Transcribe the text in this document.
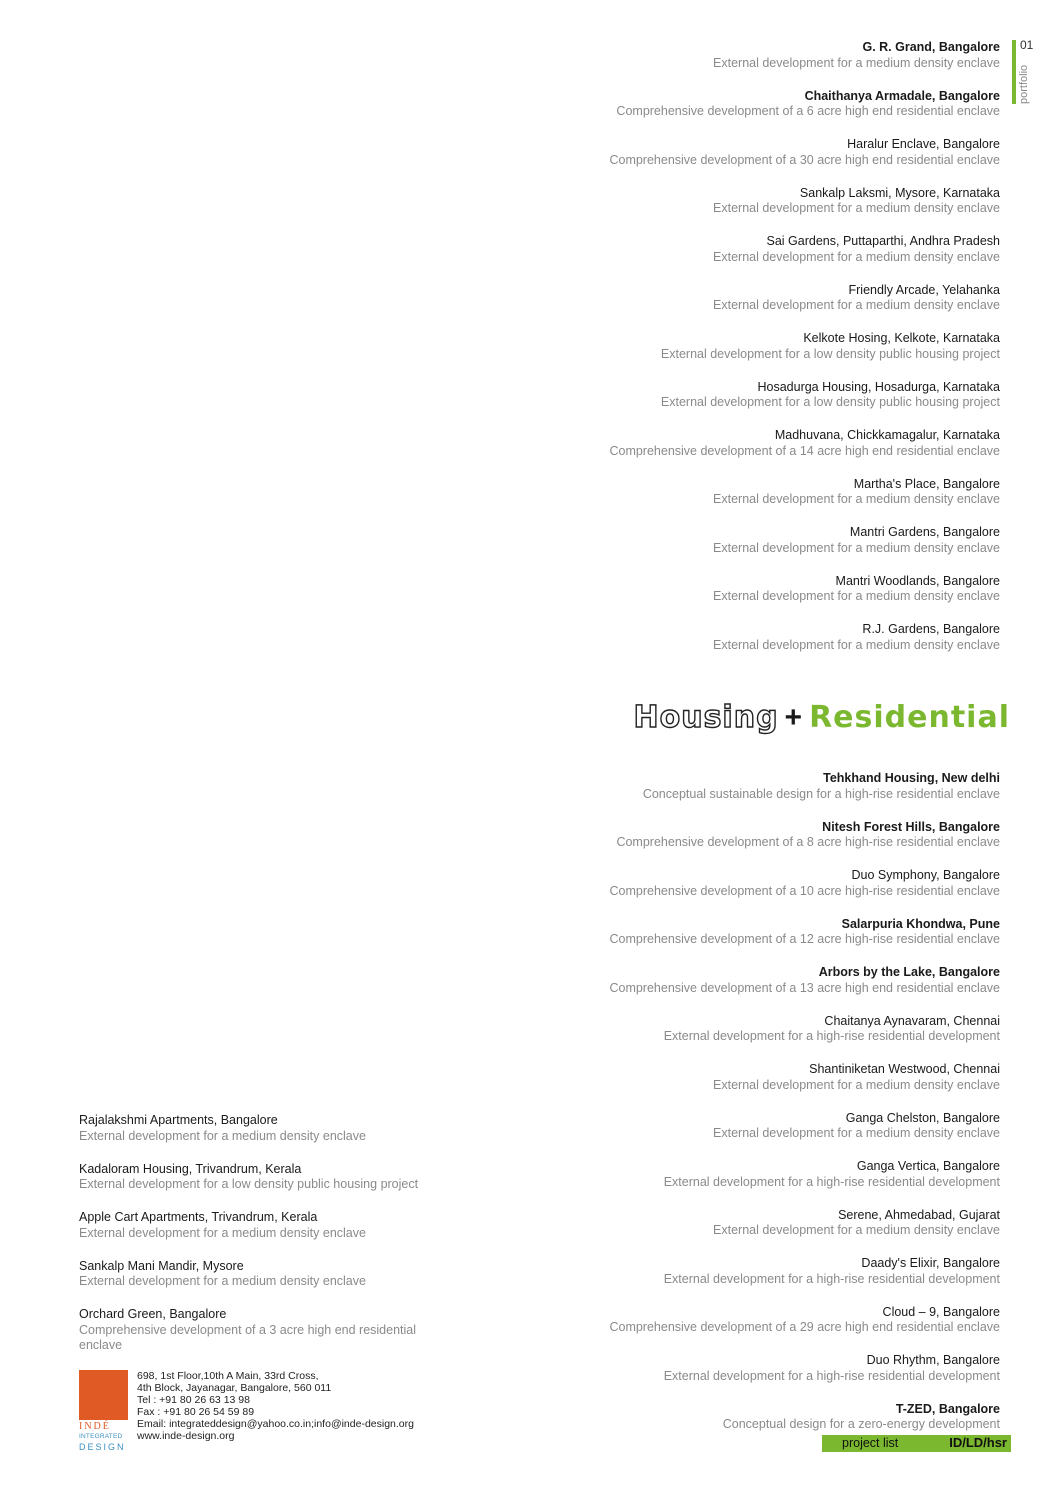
01
portfolio
G. R. Grand, Bangalore
External development for a medium density enclave
Chaithanya Armadale, Bangalore
Comprehensive development of a 6 acre high end residential enclave
Haralur Enclave, Bangalore
Comprehensive development of a 30 acre high end residential enclave
Sankalp Laksmi, Mysore, Karnataka
External development for a medium density enclave
Sai Gardens, Puttaparthi, Andhra Pradesh
External development for a medium density enclave
Friendly Arcade, Yelahanka
External development for a medium density enclave
Kelkote Hosing, Kelkote, Karnataka
External development for a low density public housing project
Hosadurga Housing, Hosadurga, Karnataka
External development for a low density public housing project
Madhuvana, Chickkamagalur, Karnataka
Comprehensive development of a 14 acre high end residential enclave
Martha's Place, Bangalore
External development for a medium density enclave
Mantri Gardens, Bangalore
External development for a medium density enclave
Mantri Woodlands, Bangalore
External development for a medium density enclave
R.J. Gardens, Bangalore
External development for a medium density enclave
Housing + Residential
Tehkhand Housing, New delhi
Conceptual sustainable design for a high-rise residential enclave
Nitesh Forest Hills, Bangalore
Comprehensive development of a 8 acre high-rise residential enclave
Duo Symphony, Bangalore
Comprehensive development of a 10 acre high-rise residential enclave
Salarpuria Khondwa, Pune
Comprehensive development of a 12 acre high-rise residential enclave
Arbors by the Lake, Bangalore
Comprehensive development of a 13 acre high end residential enclave
Chaitanya Aynavaram, Chennai
External development for a high-rise residential development
Shantiniketan Westwood, Chennai
External development for a medium density enclave
Ganga Chelston, Bangalore
External development for a medium density enclave
Ganga Vertica, Bangalore
External development for a high-rise residential development
Serene, Ahmedabad, Gujarat
External development for a medium density enclave
Daady's Elixir, Bangalore
External development for a high-rise residential development
Cloud – 9, Bangalore
Comprehensive development of a 29 acre high end residential enclave
Duo Rhythm, Bangalore
External development for a high-rise residential development
T-ZED, Bangalore
Conceptual design for a zero-energy development
Rajalakshmi Apartments, Bangalore
External development for a medium density enclave
Kadaloram Housing, Trivandrum, Kerala
External development for a low density public housing project
Apple Cart Apartments, Trivandrum, Kerala
External development for a medium density enclave
Sankalp Mani Mandir, Mysore
External development for a medium density enclave
Orchard Green, Bangalore
Comprehensive development of a 3 acre high end residential enclave
INDÉ
INTEGRATED
DESIGN
698, 1st Floor,10th A Main, 33rd Cross,
4th Block, Jayanagar, Bangalore, 560 011
Tel : +91 80 26 63 13 98
Fax : +91 80 26 54 59 89
Email: integrateddesign@yahoo.co.in;info@inde-design.org
www.inde-design.org	project list	ID/LD/hsr
